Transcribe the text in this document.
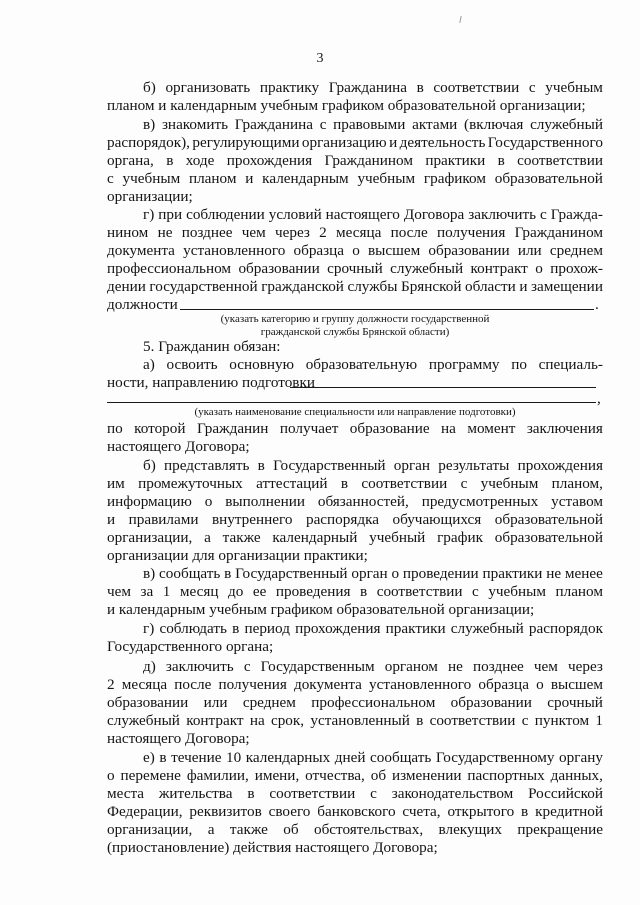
3
б) организовать практику Гражданина в соответствии с учебным
планом и календарным учебным графиком образовательной организации;
в) знакомить Гражданина с правовыми актами (включая служебный
распорядок), регулирующими организацию и деятельность Государственного
органа, в ходе прохождения Гражданином практики в соответствии
с учебным планом и календарным учебным графиком образовательной
организации;
г) при соблюдении условий настоящего Договора заключить с Гражда-
нином не позднее чем через 2 месяца после получения Гражданином
документа установленного образца о высшем образовании или среднем
профессиональном образовании срочный служебный контракт о прохож-
дении государственной гражданской службы Брянской области и замещении
должности	.
(указать категорию и группу должности государственной
гражданской службы Брянской области)
5. Гражданин обязан:
а) освоить основную образовательную программу по специаль-
ности, направлению подготовки
,
(указать наименование специальности или направление подготовки)
по которой Гражданин получает образование на момент заключения
настоящего Договора;
б) представлять в Государственный орган результаты прохождения
им промежуточных аттестаций в соответствии с учебным планом,
информацию о выполнении обязанностей, предусмотренных уставом
и правилами внутреннего распорядка обучающихся образовательной
организации, а также календарный учебный график образовательной
организации для организации практики;
в) сообщать в Государственный орган о проведении практики не менее
чем за 1 месяц до ее проведения в соответствии с учебным планом
и календарным учебным графиком образовательной организации;
г) соблюдать в период прохождения практики служебный распорядок
Государственного органа;
д) заключить с Государственным органом не позднее чем через
2 месяца после получения документа установленного образца о высшем
образовании или среднем профессиональном образовании срочный
служебный контракт на срок, установленный в соответствии с пунктом 1
настоящего Договора;
е) в течение 10 календарных дней сообщать Государственному органу
о перемене фамилии, имени, отчества, об изменении паспортных данных,
места жительства в соответствии с законодательством Российской
Федерации, реквизитов своего банковского счета, открытого в кредитной
организации, а также об обстоятельствах, влекущих прекращение
(приостановление) действия настоящего Договора;
